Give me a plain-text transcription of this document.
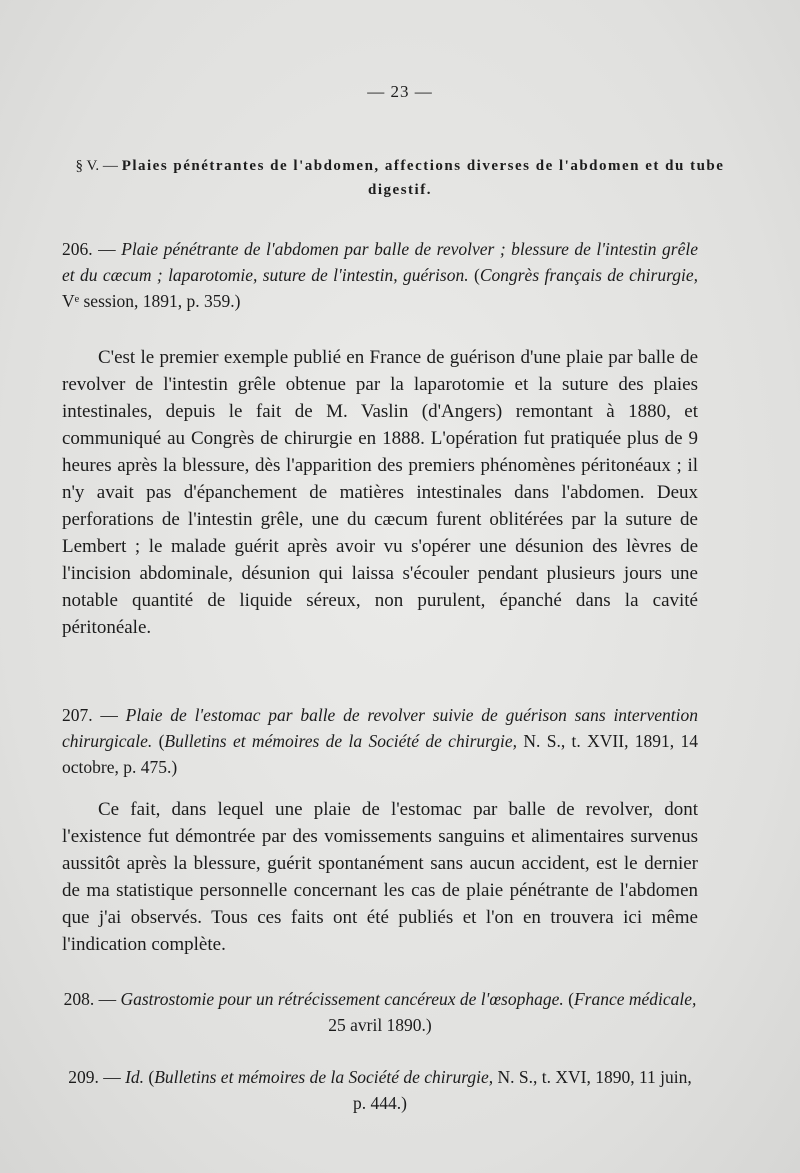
— 23 —
§ V. — Plaies pénétrantes de l'abdomen, affections diverses de l'abdomen et du tube digestif.
206. — Plaie pénétrante de l'abdomen par balle de revolver ; blessure de l'intestin grêle et du cæcum ; laparotomie, suture de l'intestin, guérison. (Congrès français de chirurgie, Vᵉ session, 1891, p. 359.)
C'est le premier exemple publié en France de guérison d'une plaie par balle de revolver de l'intestin grêle obtenue par la laparotomie et la suture des plaies intestinales, depuis le fait de M. Vaslin (d'Angers) remontant à 1880, et communiqué au Congrès de chirurgie en 1888. L'opération fut pratiquée plus de 9 heures après la blessure, dès l'apparition des premiers phénomènes péritonéaux ; il n'y avait pas d'épanchement de matières intestinales dans l'abdomen. Deux perforations de l'intestin grêle, une du cæcum furent oblitérées par la suture de Lembert ; le malade guérit après avoir vu s'opérer une désunion des lèvres de l'incision abdominale, désunion qui laissa s'écouler pendant plusieurs jours une notable quantité de liquide séreux, non purulent, épanché dans la cavité péritonéale.
207. — Plaie de l'estomac par balle de revolver suivie de guérison sans intervention chirurgicale. (Bulletins et mémoires de la Société de chirurgie, N. S., t. XVII, 1891, 14 octobre, p. 475.)
Ce fait, dans lequel une plaie de l'estomac par balle de revolver, dont l'existence fut démontrée par des vomissements sanguins et alimentaires survenus aussitôt après la blessure, guérit spontanément sans aucun accident, est le dernier de ma statistique personnelle concernant les cas de plaie pénétrante de l'abdomen que j'ai observés. Tous ces faits ont été publiés et l'on en trouvera ici même l'indication complète.
208. — Gastrostomie pour un rétrécissement cancéreux de l'œsophage. (France médicale, 25 avril 1890.)
209. — Id. (Bulletins et mémoires de la Société de chirurgie, N. S., t. XVI, 1890, 11 juin, p. 444.)
